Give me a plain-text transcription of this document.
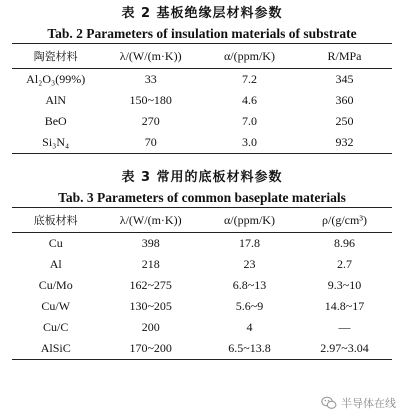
表 2 基板绝缘层材料参数
Tab. 2 Parameters of insulation materials of substrate
陶瓷材料	λ/(W/(m·K))	α/(ppm/K)	R/MPa
Al₂O₃(99%)	33	7.2	345
AlN	150~180	4.6	360
BeO	270	7.0	250
Si₃N₄	70	3.0	932
表 3 常用的底板材料参数
Tab. 3 Parameters of common baseplate materials
底板材料	λ/(W/(m·K))	α/(ppm/K)	ρ/(g/cm³)
Cu	398	17.8	8.96
Al	218	23	2.7
Cu/Mo	162~275	6.8~13	9.3~10
Cu/W	130~205	5.6~9	14.8~17
Cu/C	200	4	—
AlSiC	170~200	6.5~13.8	2.97~3.04
半导体在线
